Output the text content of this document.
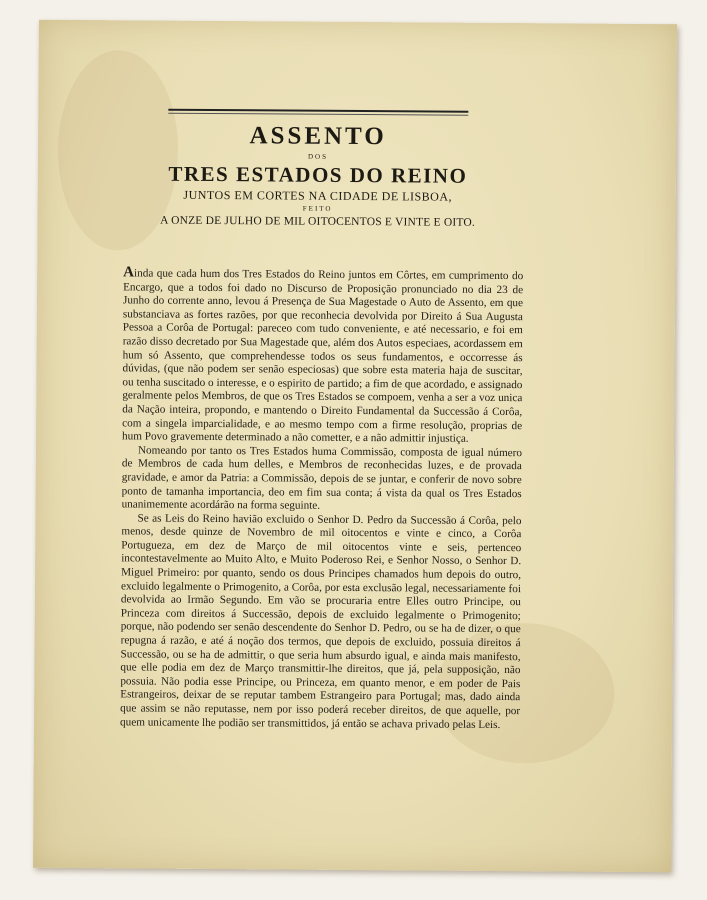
ASSENTO

DOS

TRES ESTADOS DO REINO

JUNTOS EM CORTES NA CIDADE DE LISBOA,

FEITO

A ONZE DE JULHO DE MIL OITOCENTOS E VINTE E OITO.

Ainda que cada hum dos Tres Estados do Reino juntos em Côrtes, em cumprimento do Encargo, que a todos foi dado no Discurso de Proposição pronunciado no dia 23 de Junho do corrente anno, levou á Presença de Sua Magestade o Auto de Assento, em que substanciava as fortes razões, por que reconhecia devolvida por Direito á Sua Augusta Pessoa a Corôa de Portugal: pareceo com tudo conveniente, e até necessario, e foi em razão disso decretado por Sua Magestade que, além dos Autos especiaes, acordassem em hum só Assento, que comprehendesse todos os seus fundamentos, e occorresse ás dúvidas, (que não podem ser senão especiosas) que sobre esta materia haja de suscitar, ou tenha suscitado o interesse, e o espirito de partido; a fim de que acordado, e assignado geralmente pelos Membros, de que os Tres Estados se compoem, venha a ser a voz unica da Nação inteira, propondo, e mantendo o Direito Fundamental da Successão á Corôa, com a singela imparcialidade, e ao mesmo tempo com a firme resolução, proprias de hum Povo gravemente determinado a não cometter, e a não admittir injustiça.

Nomeando por tanto os Tres Estados huma Commissão, composta de igual número de Membros de cada hum delles, e Membros de reconhecidas luzes, e de provada gravidade, e amor da Patria: a Commissão, depois de se juntar, e conferir de novo sobre ponto de tamanha importancia, deo em fim sua conta; á vista da qual os Tres Estados unanimemente acordárão na forma seguinte.

Se as Leis do Reino havião excluido o Senhor D. Pedro da Successão á Corôa, pelo menos, desde quinze de Novembro de mil oitocentos e vinte e cinco, a Corôa Portugueza, em dez de Março de mil oitocentos vinte e seis, pertenceo incontestavelmente ao Muito Alto, e Muito Poderoso Rei, e Senhor Nosso, o Senhor D. Miguel Primeiro: por quanto, sendo os dous Principes chamados hum depois do outro, excluido legalmente o Primogenito, a Corôa, por esta exclusão legal, necessariamente foi devolvida ao Irmão Segundo. Em vão se procuraria entre Elles outro Principe, ou Princeza com direitos á Successão, depois de excluido legalmente o Primogenito; porque, não podendo ser senão descendente do Senhor D. Pedro, ou se ha de dizer, o que repugna á razão, e até á noção dos termos, que depois de excluido, possuia direitos á Successão, ou se ha de admittir, o que seria hum absurdo igual, e ainda mais manifesto, que elle podia em dez de Março transmittir-lhe direitos, que já, pela supposição, não possuia. Não podia esse Principe, ou Princeza, em quanto menor, e em poder de Pais Estrangeiros, deixar de se reputar tambem Estrangeiro para Portugal; mas, dado ainda que assim se não reputasse, nem por isso poderá receber direitos, de que aquelle, por quem unicamente lhe podião ser transmittidos, já então se achava privado pelas Leis.
